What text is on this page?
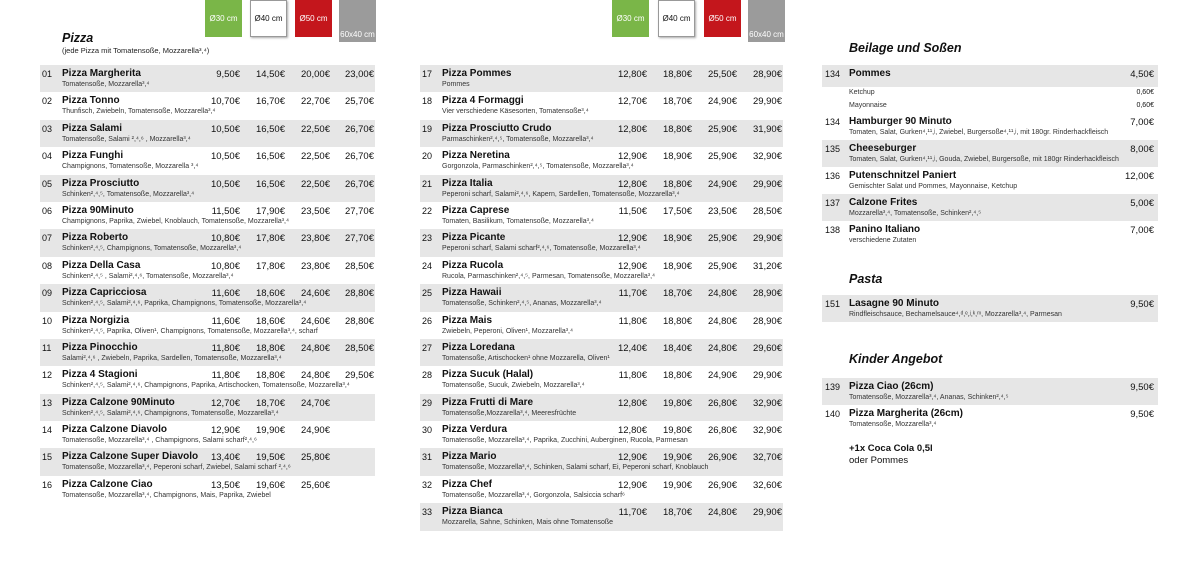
Ø30 cm	Ø40 cm	Ø50 cm
60x40 cm
Ø30 cm	Ø40 cm	Ø50 cm
60x40 cm
Pizza
(jede Pizza mit Tomatensoße, Mozzarella³,⁴)
01 Pizza Margherita
Tomatensoße, Mozzarella³,⁴
9,50€	14,50€	20,00€	23,00€
02 Pizza Tonno
Thunfisch, Zwiebeln, Tomatensoße, Mozzarella³,⁴
10,70€	16,70€	22,70€	25,70€
03 Pizza Salami
Tomatensoße, Salami ²,⁴,⁶ , Mozzarella³,⁴
10,50€	16,50€	22,50€	26,70€
04 Pizza Funghi
Champignons, Tomatensoße, Mozzarella ³,⁴
10,50€	16,50€	22,50€	26,70€
05 Pizza Prosciutto
Schinken²,⁴,⁵, Tomatensoße, Mozzarella³,⁴
10,50€	16,50€	22,50€	26,70€
06 Pizza 90Minuto
Champignons, Paprika, Zwiebel, Knoblauch, Tomatensoße, Mozzarella³,⁴
11,50€	17,90€	23,50€	27,70€
07 Pizza Roberto
Schinken²,⁴,⁵, Champignons, Tomatensoße, Mozzarella³,⁴
10,80€	17,80€	23,80€	27,70€
08 Pizza Della Casa
Schinken²,⁴,⁵ , Salami²,⁴,⁶, Tomatensoße, Mozzarella³,⁴
10,80€	17,80€	23,80€	28,50€
09 Pizza Capricciosa
Schinken²,⁴,⁵, Salami²,⁴,⁶, Paprika, Champignons, Tomatensoße, Mozzarella³,⁴
11,60€	18,60€	24,60€	28,80€
10 Pizza Norgizia
Schinken²,⁴,⁵, Paprika, Oliven¹, Champignons, Tomatensoße, Mozzarella³,⁴, scharf
11,60€	18,60€	24,60€	28,80€
11	Pizza Pinocchio
Salami²,⁴,⁶ , Zwiebeln, Paprika, Sardellen, Tomatensoße, Mozzarella³,⁴
11,80€	18,80€	24,80€	28,50€
12 Pizza 4 Stagioni
Schinken²,⁴,⁵, Salami²,⁴,⁶, Champignons, Paprika, Artischocken, Tomatensoße, Mozzarella³,⁴
11,80€	18,80€	24,80€	29,50€
13 Pizza Calzone 90Minuto
Schinken²,⁴,⁵, Salami²,⁴,⁶, Champignons, Tomatensoße, Mozzarella³,⁴
12,70€	18,70€	24,70€
14 Pizza Calzone Diavolo
Tomatensoße, Mozzarella³,⁴ , Champignons, Salami scharf²,⁴,⁶
12,90€	19,90€	24,90€
15 Pizza Calzone Super Diavolo
Tomatensoße, Mozzarella³,⁴, Peperoni scharf, Zwiebel, Salami scharf ²,⁴,⁶
13,40€	19,50€	25,80€
16 Pizza Calzone Ciao
Tomatensoße, Mozzarella³,⁴, Champignons, Mais, Paprika, Zwiebel
13,50€	19,60€	25,60€
17 Pizza Pommes
Pommes
12,80€	18,80€	25,50€	28,90€
18 Pizza 4 Formaggi
Vier verschiedene Käsesorten, Tomatensoße³,⁴
12,70€	18,70€	24,90€	29,90€
19 Pizza Prosciutto Crudo
Parmaschinken²,⁴,⁵, Tomatensoße, Mozzarella³,⁴
12,80€	18,80€	25,90€	31,90€
20 Pizza Neretina
Gorgonzola, Parmaschinken²,⁴,⁵, Tomatensoße, Mozzarella³,⁴
12,90€	18,90€	25,90€	32,90€
21 Pizza Italia
Peperoni scharf, Salami²,⁴,⁶, Kapern, Sardellen, Tomatensoße, Mozzarella³,⁴
12,80€	18,80€	24,90€	29,90€
22 Pizza Caprese
Tomaten, Basilikum, Tomatensoße, Mozzarella³,⁴
11,50€	17,50€	23,50€	28,50€
23 Pizza Picante
Peperoni scharf, Salami scharf²,⁴,⁶, Tomatensoße, Mozzarella³,⁴
12,90€	18,90€	25,90€	29,90€
24 Pizza Rucola
Rucola, Parmaschinken²,⁴,⁵, Parmesan, Tomatensoße, Mozzarella³,⁴
12,90€	18,90€	25,90€	31,20€
25 Pizza Hawaii
Tomatensoße, Schinken²,⁴,⁵, Ananas, Mozzarella³,⁴
11,70€	18,70€	24,80€	28,90€
26 Pizza Mais
Zwiebeln, Peperoni, Oliven¹, Mozzarella³,⁴
11,80€	18,80€	24,80€	28,90€
27 Pizza Loredana
Tomatensoße, Artischocken¹ ohne Mozzarella, Oliven¹
12,40€	18,40€	24,80€	29,60€
28 Pizza Sucuk (Halal)
Tomatensoße, Sucuk, Zwiebeln, Mozzarella³,⁴
11,80€	18,80€	24,90€	29,90€
29 Pizza Frutti di Mare
Tomatensoße,Mozzarella³,⁴, Meeresfrüchte
12,80€	19,80€	26,80€	32,90€
30 Pizza Verdura
Tomatensoße, Mozzarella³,⁴, Paprika, Zucchini, Auberginen, Rucola, Parmesan
12,80€	19,80€	26,80€	32,90€
31 Pizza Mario
Tomatensoße, Mozzarella³,⁴, Schinken, Salami scharf, Ei, Peperoni scharf, Knoblauch
12,90€	19,90€	26,90€	32,70€
32 Pizza Chef
Tomatensoße, Mozzarella³,⁴, Gorgonzola, Salsiccia scharf⁶
12,90€	19,90€	26,90€	32,60€
33 Pizza Bianca
Mozzarella, Sahne, Schinken, Mais ohne Tomatensoße
11,70€	18,70€	24,80€	29,90€
Beilage und Soßen
134 Pommes	4,50€
Ketchup	0,60€
Mayonnaise	0,60€
134 Hamburger 90 Minuto
Tomaten, Salat, Gurken⁴,¹¹,ʲ, Zwiebel, Burgersoße⁴,¹¹,ʲ, mit 180gr. Rinderhackfleisch
7,00€
135 Cheeseburger
Tomaten, Salat, Gurken⁴,¹¹,ʲ, Gouda, Zwiebel, Burgersoße, mit 180gr Rinderhackfleisch
8,00€
136 Putenschnitzel Paniert
Gemischter Salat und Pommes, Mayonnaise, Ketchup
12,00€
137 Calzone Frites
Mozzarella³,⁴, Tomatensoße, Schinken²,⁴,⁵
5,00€
138 Panino Italiano
verschiedene Zutaten
7,00€
Pasta
151 Lasagne 90 Minuto
Rindfleischsauce, Bechamelsauce⁴,ᵈ,ᵉ,ʲ,ᵏ,ᵐ, Mozzarella³,⁴, Parmesan
9,50€
Kinder Angebot
139 Pizza Ciao (26cm)
Tomatensoße, Mozzarella³,⁴, Ananas, Schinken²,⁴,⁵
9,50€
140 Pizza Margherita (26cm)
Tomatensoße, Mozzarella³,⁴
9,50€
+1x Coca Cola 0,5l
oder Pommes
